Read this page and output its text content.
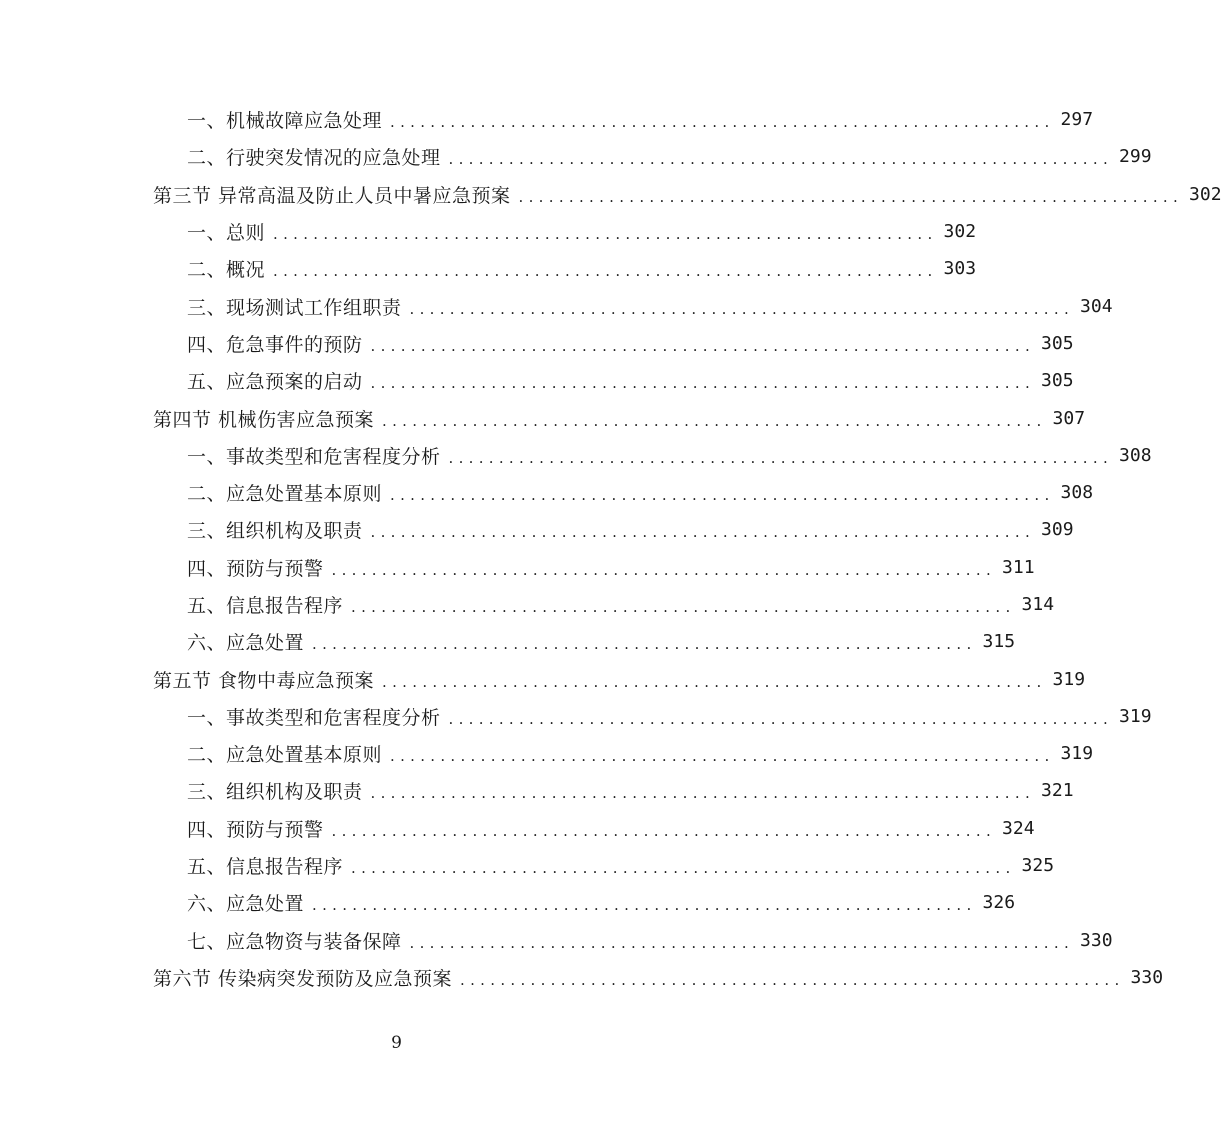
一、机械故障应急处理 .................................................................. 297
二、行驶突发情况的应急处理 .................................................................. 299
第三节 异常高温及防止人员中暑应急预案 .................................................................. 302
一、总则 .................................................................. 302
二、概况 .................................................................. 303
三、现场测试工作组职责 .................................................................. 304
四、危急事件的预防 .................................................................. 305
五、应急预案的启动 .................................................................. 305
第四节 机械伤害应急预案 .................................................................. 307
一、事故类型和危害程度分析 .................................................................. 308
二、应急处置基本原则 .................................................................. 308
三、组织机构及职责 .................................................................. 309
四、预防与预警 .................................................................. 311
五、信息报告程序 .................................................................. 314
六、应急处置 .................................................................. 315
第五节 食物中毒应急预案 .................................................................. 319
一、事故类型和危害程度分析 .................................................................. 319
二、应急处置基本原则 .................................................................. 319
三、组织机构及职责 .................................................................. 321
四、预防与预警 .................................................................. 324
五、信息报告程序 .................................................................. 325
六、应急处置 .................................................................. 326
七、应急物资与装备保障 .................................................................. 330
第六节 传染病突发预防及应急预案 .................................................................. 330
9
